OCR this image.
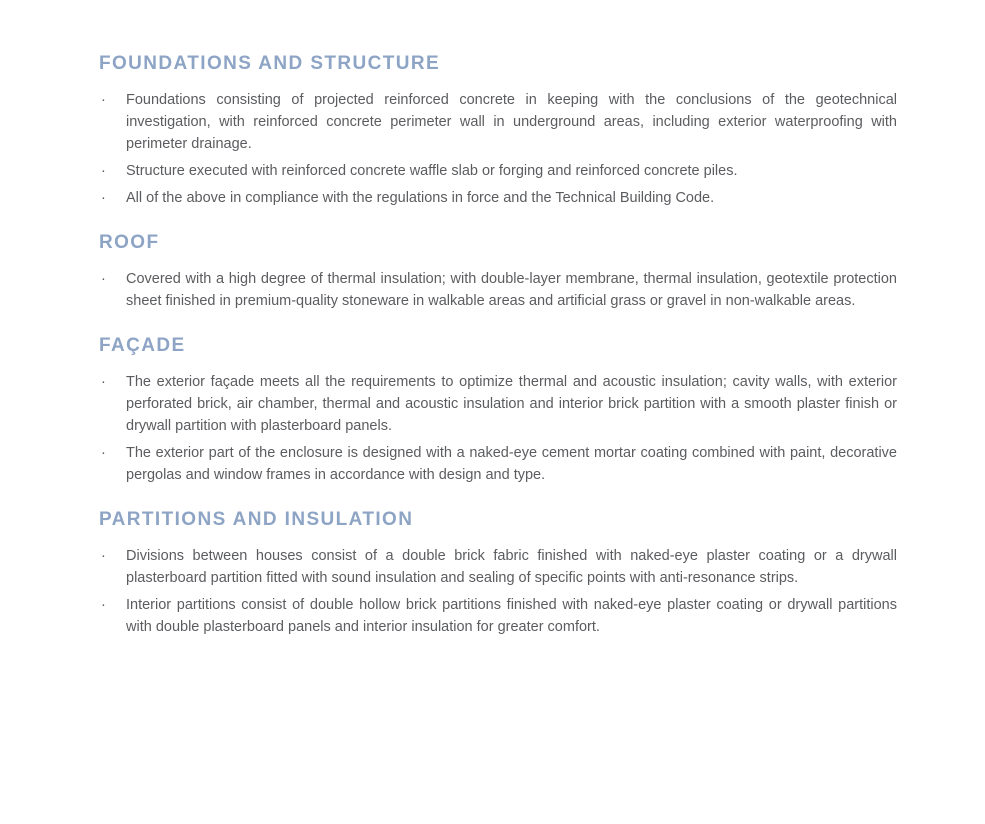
FOUNDATIONS AND STRUCTURE
·	Foundations consisting of projected reinforced concrete in keeping with the conclusions of the geotechnical investigation, with reinforced concrete perimeter wall in underground areas, including exterior waterproofing with perimeter drainage.
·	Structure executed with reinforced concrete waffle slab or forging and reinforced concrete piles.
·	All of the above in compliance with the regulations in force and the Technical Building Code.
ROOF
·	Covered with a high degree of thermal insulation; with double-layer membrane, thermal insulation, geotextile protection sheet finished in premium-quality stoneware in walkable areas and artificial grass or gravel in non-walkable areas.
FAÇADE
·	The exterior façade meets all the requirements to optimize thermal and acoustic insulation; cavity walls, with exterior perforated brick, air chamber, thermal and acoustic insulation and interior brick partition with a smooth plaster finish or drywall partition with plasterboard panels.
·	The exterior part of the enclosure is designed with a naked-eye cement mortar coating combined with paint, decorative pergolas and window frames in accordance with design and type.
PARTITIONS AND INSULATION
·	Divisions between houses consist of a double brick fabric finished with naked-eye plaster coating or a drywall plasterboard partition fitted with sound insulation and sealing of specific points with anti-resonance strips.
·	Interior partitions consist of double hollow brick partitions finished with naked-eye plaster coating or drywall partitions with double plasterboard panels and interior insulation for greater comfort.
